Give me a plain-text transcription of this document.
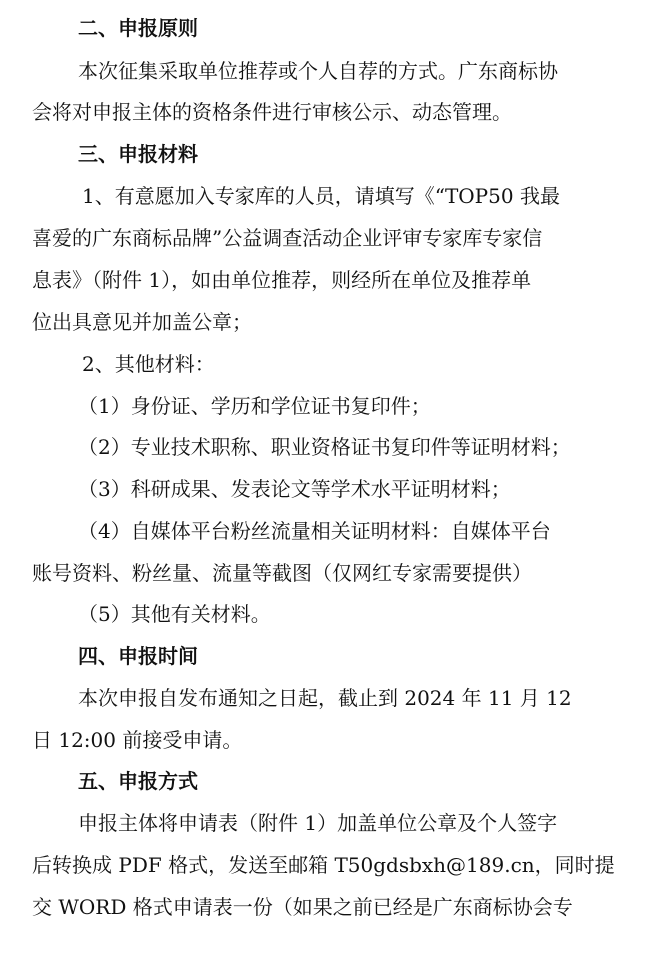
二、申报原则
本次征集采取单位推荐或个人自荐的方式。广东商标协
会将对申报主体的资格条件进行审核公示、动态管理。
三、申报材料
1、有意愿加入专家库的人员，请填写《“TOP50 我最
喜爱的广东商标品牌”公益调查活动企业评审专家库专家信
息表》（附件 1），如由单位推荐，则经所在单位及推荐单
位出具意见并加盖公章；
2、其他材料：
（1）身份证、学历和学位证书复印件；
（2）专业技术职称、职业资格证书复印件等证明材料；
（3）科研成果、发表论文等学术水平证明材料；
（4）自媒体平台粉丝流量相关证明材料：自媒体平台
账号资料、粉丝量、流量等截图（仅网红专家需要提供）
（5）其他有关材料。
四、申报时间
本次申报自发布通知之日起，截止到 2024 年 11 月 12
日 12:00 前接受申请。
五、申报方式
申报主体将申请表（附件 1）加盖单位公章及个人签字
后转换成 PDF 格式，发送至邮箱 T50gdsbxh@189.cn，同时提
交 WORD 格式申请表一份（如果之前已经是广东商标协会专
